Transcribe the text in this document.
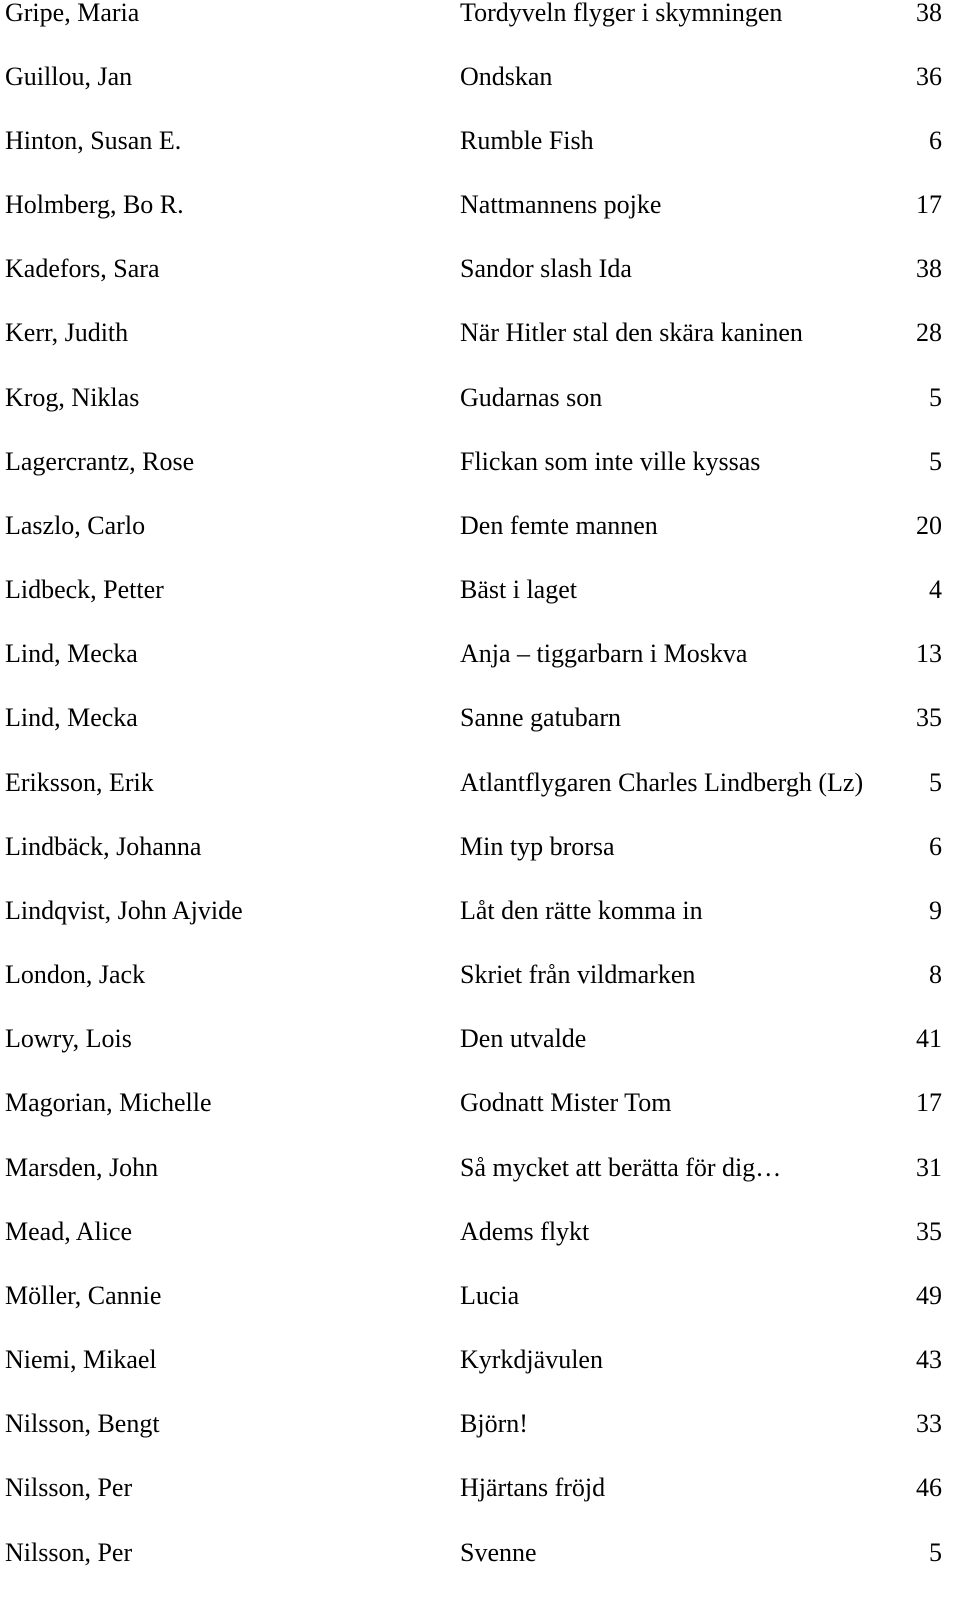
Gripe, Maria	Tordyveln flyger i skymningen	38
Guillou, Jan	Ondskan	36
Hinton, Susan E.	Rumble Fish	6
Holmberg, Bo R.	Nattmannens pojke	17
Kadefors, Sara	Sandor slash Ida	38
Kerr, Judith	När Hitler stal den skära kaninen	28
Krog, Niklas	Gudarnas son	5
Lagercrantz, Rose	Flickan som inte ville kyssas	5
Laszlo, Carlo	Den femte mannen	20
Lidbeck, Petter	Bäst i laget	4
Lind, Mecka	Anja – tiggarbarn i Moskva	13
Lind, Mecka	Sanne gatubarn	35
Eriksson, Erik	Atlantflygaren Charles Lindbergh (Lz)	5
Lindbäck, Johanna	Min typ brorsa	6
Lindqvist, John Ajvide	Låt den rätte komma in	9
London, Jack	Skriet från vildmarken	8
Lowry, Lois	Den utvalde	41
Magorian, Michelle	Godnatt Mister Tom	17
Marsden, John	Så mycket att berätta för dig…	31
Mead, Alice	Adems flykt	35
Möller, Cannie	Lucia	49
Niemi, Mikael	Kyrkdjävulen	43
Nilsson, Bengt	Björn!	33
Nilsson, Per	Hjärtans fröjd	46
Nilsson, Per	Svenne	5
